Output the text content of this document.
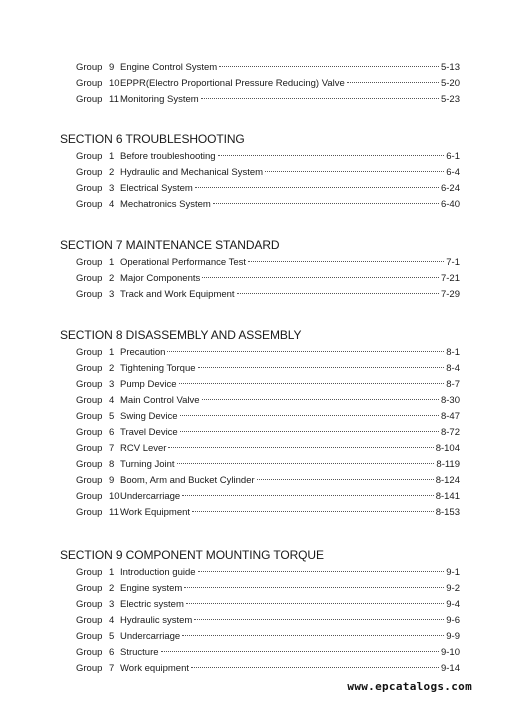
Group 9 Engine Control System	5-13
Group 10 EPPR(Electro Proportional Pressure Reducing) Valve	5-20
Group 11 Monitoring System	5-23
SECTION 6 TROUBLESHOOTING
Group 1 Before troubleshooting	6-1
Group 2 Hydraulic and Mechanical System	6-4
Group 3 Electrical System	6-24
Group 4 Mechatronics System	6-40
SECTION 7 MAINTENANCE STANDARD
Group 1 Operational Performance Test	7-1
Group 2 Major Components	7-21
Group 3 Track and Work Equipment	7-29
SECTION 8 DISASSEMBLY AND ASSEMBLY
Group 1 Precaution	8-1
Group 2 Tightening Torque	8-4
Group 3 Pump Device	8-7
Group 4 Main Control Valve	8-30
Group 5 Swing Device	8-47
Group 6 Travel Device	8-72
Group 7 RCV Lever	8-104
Group 8 Turning Joint	8-119
Group 9 Boom, Arm and Bucket Cylinder	8-124
Group 10 Undercarriage	8-141
Group 11 Work Equipment	8-153
SECTION 9 COMPONENT MOUNTING TORQUE
Group 1 Introduction guide	9-1
Group 2 Engine system	9-2
Group 3 Electric system	9-4
Group 4 Hydraulic system	9-6
Group 5 Undercarriage	9-9
Group 6 Structure	9-10
Group 7 Work equipment	9-14
www.epcatalogs.com
